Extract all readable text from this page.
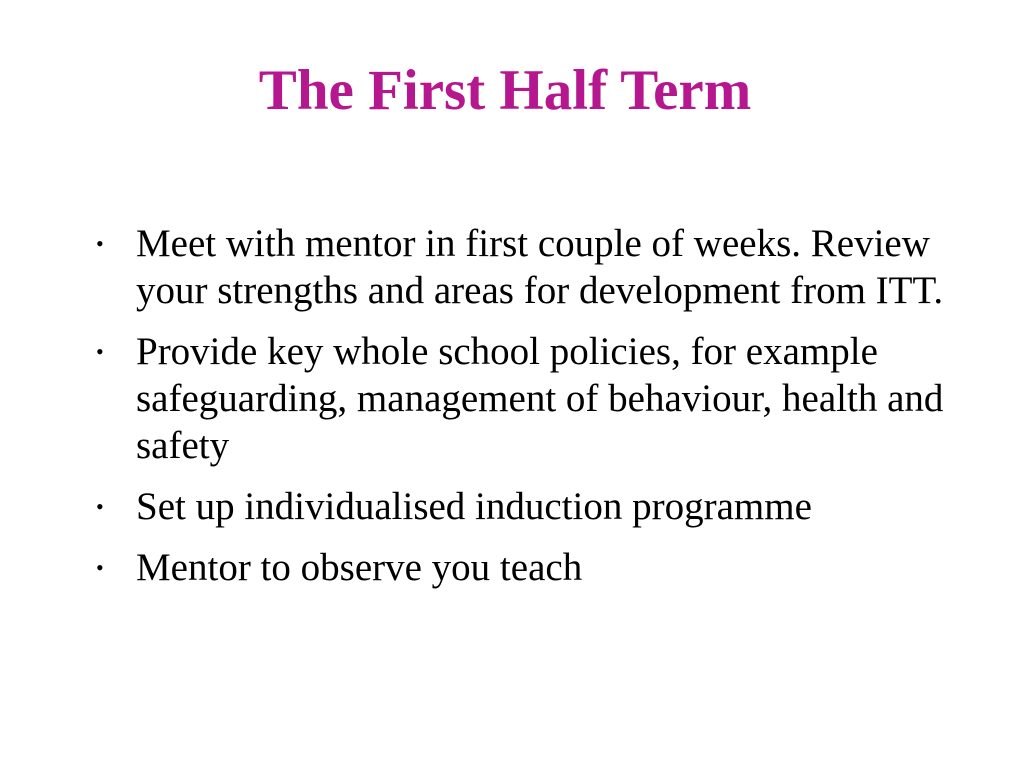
The First Half Term
• Meet with mentor in first couple of weeks. Review your strengths and areas for development from ITT.
• Provide key whole school policies, for example safeguarding, management of behaviour, health and safety
• Set up individualised induction programme
• Mentor to observe you teach
